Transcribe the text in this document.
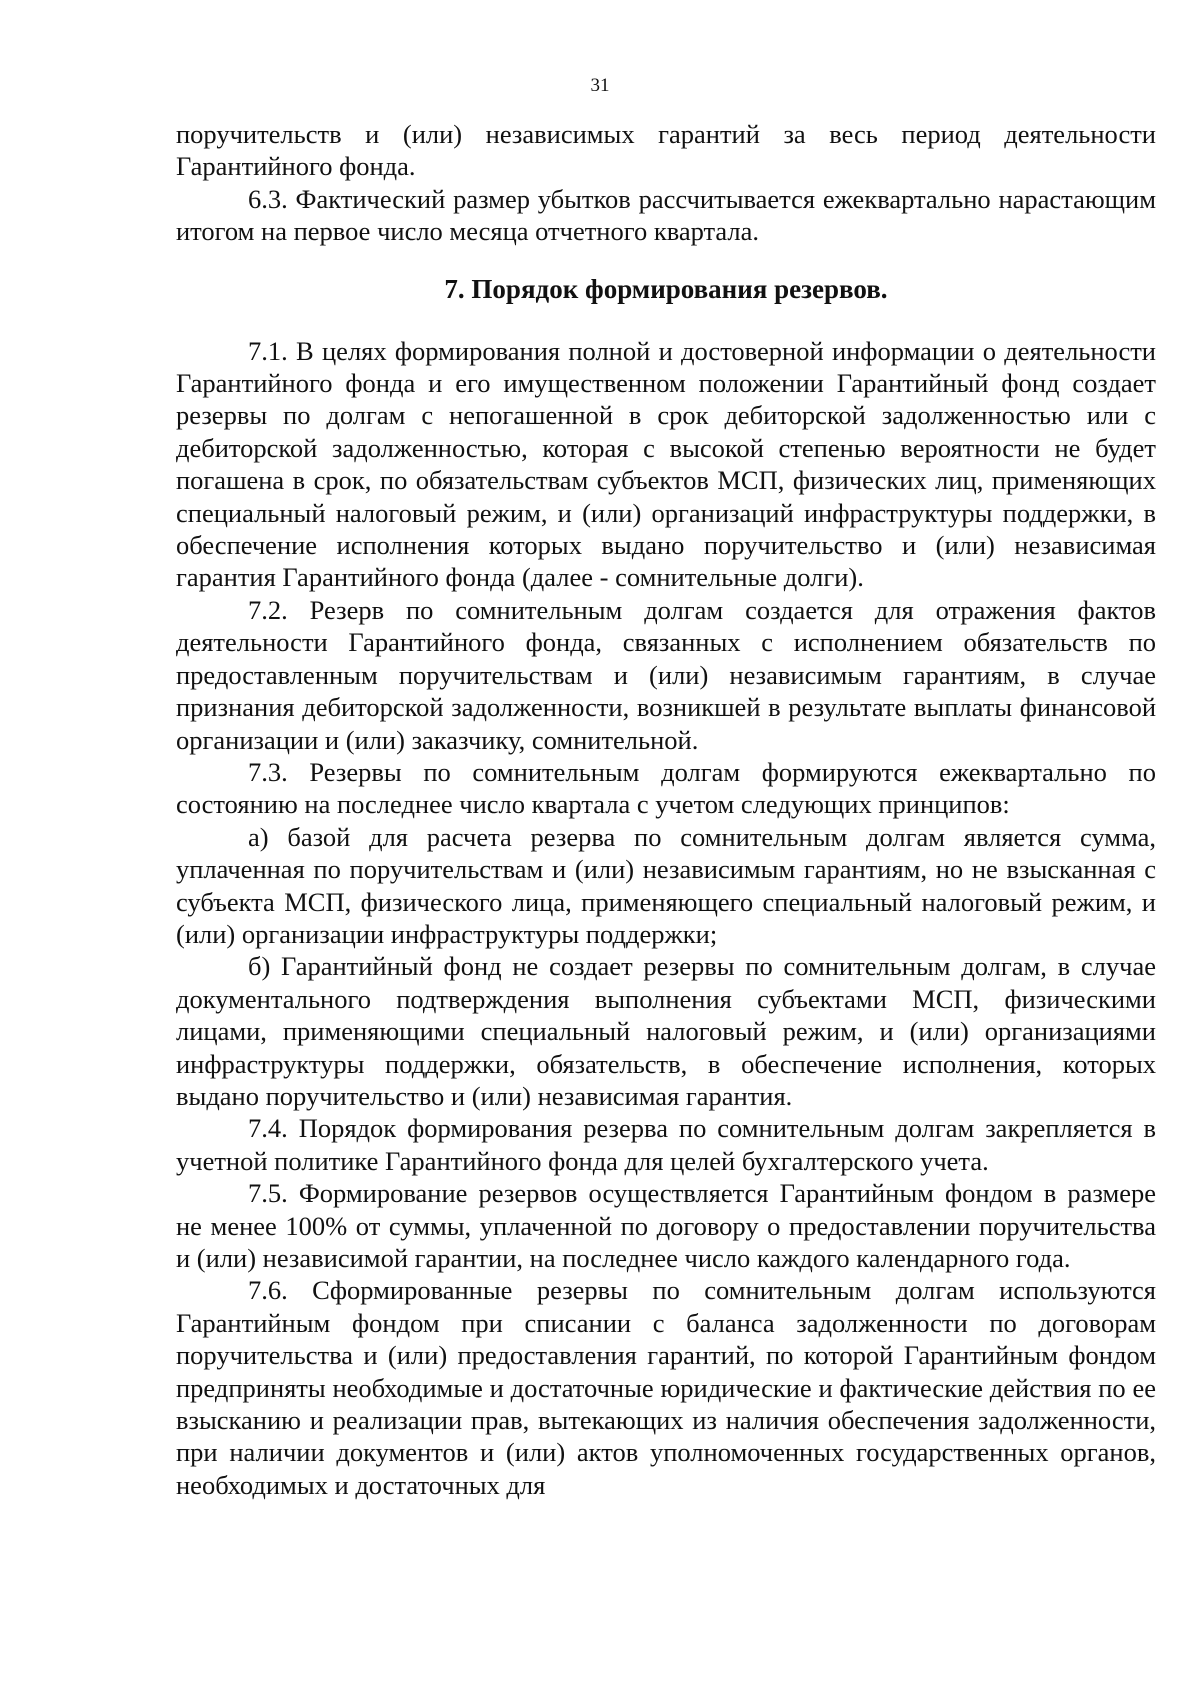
31

поручительств и (или) независимых гарантий за весь период деятельности Гарантийного фонда.

6.3. Фактический размер убытков рассчитывается ежеквартально нарастающим итогом на первое число месяца отчетного квартала.

7. Порядок формирования резервов.

7.1. В целях формирования полной и достоверной информации о деятельности Гарантийного фонда и его имущественном положении Гарантийный фонд создает резервы по долгам с непогашенной в срок дебиторской задолженностью или с дебиторской задолженностью, которая с высокой степенью вероятности не будет погашена в срок, по обязательствам субъектов МСП, физических лиц, применяющих специальный налоговый режим, и (или) организаций инфраструктуры поддержки, в обеспечение исполнения которых выдано поручительство и (или) независимая гарантия Гарантийного фонда (далее - сомнительные долги).

7.2. Резерв по сомнительным долгам создается для отражения фактов деятельности Гарантийного фонда, связанных с исполнением обязательств по предоставленным поручительствам и (или) независимым гарантиям, в случае признания дебиторской задолженности, возникшей в результате выплаты финансовой организации и (или) заказчику, сомнительной.

7.3. Резервы по сомнительным долгам формируются ежеквартально по состоянию на последнее число квартала с учетом следующих принципов:

а) базой для расчета резерва по сомнительным долгам является сумма, уплаченная по поручительствам и (или) независимым гарантиям, но не взысканная с субъекта МСП, физического лица, применяющего специальный налоговый режим, и (или) организации инфраструктуры поддержки;

б) Гарантийный фонд не создает резервы по сомнительным долгам, в случае документального подтверждения выполнения субъектами МСП, физическими лицами, применяющими специальный налоговый режим, и (или) организациями инфраструктуры поддержки, обязательств, в обеспечение исполнения, которых выдано поручительство и (или) независимая гарантия.

7.4. Порядок формирования резерва по сомнительным долгам закрепляется в учетной политике Гарантийного фонда для целей бухгалтерского учета.

7.5. Формирование резервов осуществляется Гарантийным фондом в размере не менее 100% от суммы, уплаченной по договору о предоставлении поручительства и (или) независимой гарантии, на последнее число каждого календарного года.

7.6. Сформированные резервы по сомнительным долгам используются Гарантийным фондом при списании с баланса задолженности по договорам поручительства и (или) предоставления гарантий, по которой Гарантийным фондом предприняты необходимые и достаточные юридические и фактические действия по ее взысканию и реализации прав, вытекающих из наличия обеспечения задолженности, при наличии документов и (или) актов уполномоченных государственных органов, необходимых и достаточных для
